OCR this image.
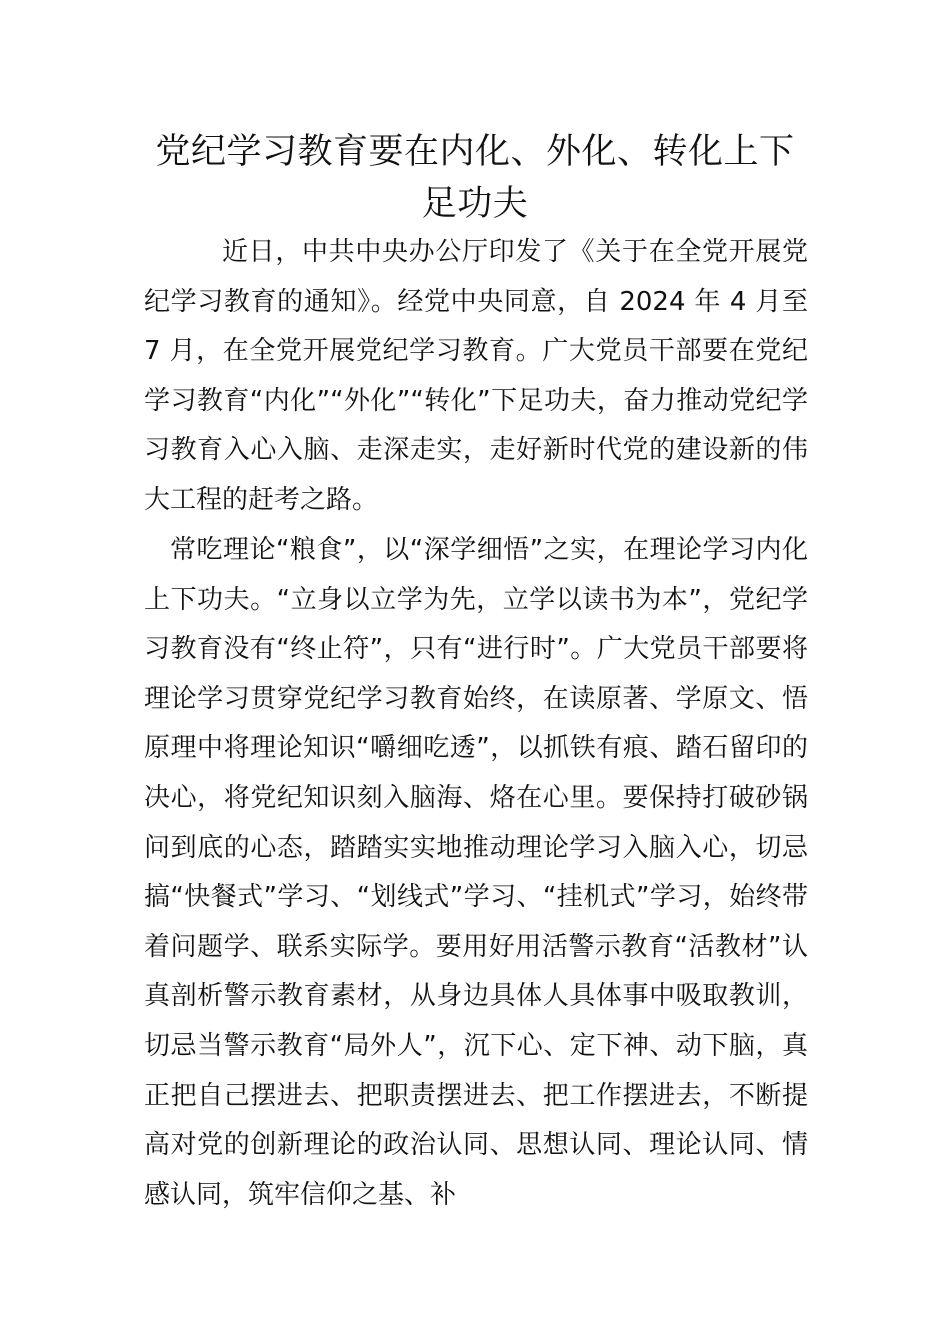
党纪学习教育要在内化、外化、转化上下足功夫

近日，中共中央办公厅印发了《关于在全党开展党纪学习教育的通知》。经党中央同意，自 2024 年 4 月至 7 月，在全党开展党纪学习教育。广大党员干部要在党纪学习教育“内化”“外化”“转化”下足功夫，奋力推动党纪学习教育入心入脑、走深走实，走好新时代党的建设新的伟大工程的赶考之路。

常吃理论“粮食”，以“深学细悟”之实，在理论学习内化上下功夫。“立身以立学为先，立学以读书为本”，党纪学习教育没有“终止符”，只有“进行时”。广大党员干部要将理论学习贯穿党纪学习教育始终，在读原著、学原文、悟原理中将理论知识“嚼细吃透”，以抓铁有痕、踏石留印的决心，将党纪知识刻入脑海、烙在心里。要保持打破砂锅问到底的心态，踏踏实实地推动理论学习入脑入心，切忌搞“快餐式”学习、“划线式”学习、“挂机式”学习，始终带着问题学、联系实际学。要用好用活警示教育“活教材”认真剖析警示教育素材，从身边具体人具体事中吸取教训，切忌当警示教育“局外人”，沉下心、定下神、动下脑，真正把自己摆进去、把职责摆进去、把工作摆进去，不断提高对党的创新理论的政治认同、思想认同、理论认同、情感认同，筑牢信仰之基、补
